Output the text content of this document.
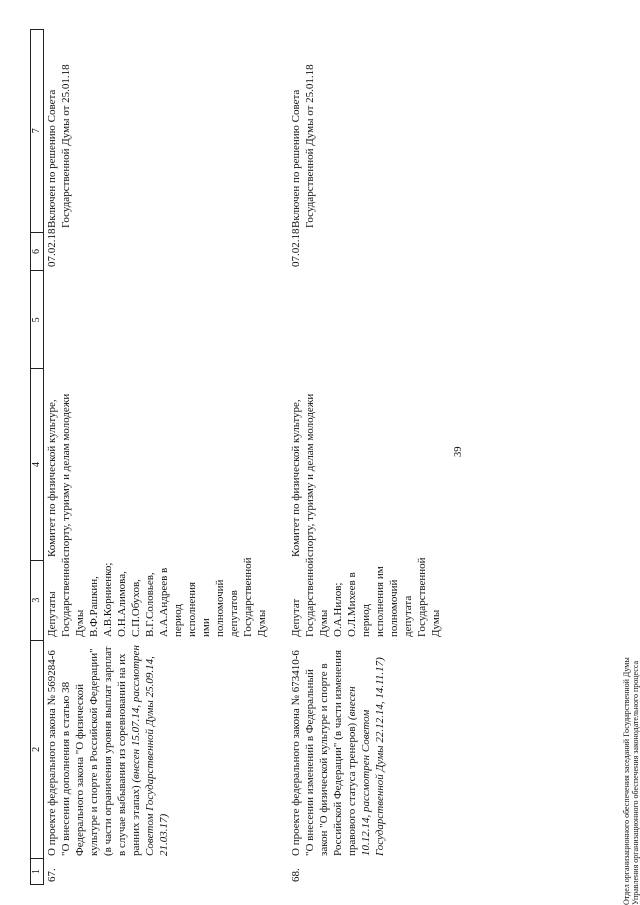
39
1
2
3
4
5
6
7
67.
О проекте федерального закона № 569284-6 "О внесении дополнения в статью 38 Федерального закона "О физической культуре и спорте в Российской Федерации" (в части ограничения уровня выплат зарплат в случае выбывания из соревнований на их ранних этапах) (внесен 15.07.14, рассмотрен Советом Государственной Думы 25.09.14, 21.03.17)
Депутаты Государственной Думы В.Ф.Рашкин, А.В.Корниенко; О.Н.Алимова, С.П.Обухов, В.Г.Соловьев, А.А.Андреев в период исполнения ими полномочий депутатов Государственной Думы
Комитет по физической культуре, спорту, туризму и делам молодежи
07.02.18
Включен по решению Совета Государственной Думы от 25.01.18
68.
О проекте федерального закона № 673410-6 "О внесении изменений в Федеральный закон "О физической культуре и спорте в Российской Федерации" (в части изменения правового статуса тренеров) (внесен 10.12.14, рассмотрен Советом Государственной Думы 22.12.14, 14.11.17)
Депутат Государственной Думы О.А.Нилов; О.Л.Михеев в период исполнения им полномочий депутата Государственной Думы
Комитет по физической культуре, спорту, туризму и делам молодежи
07.02.18
Включен по решению Совета Государственной Думы от 25.01.18
Отдел организационного обеспечения заседаний Государственной Думы Управления организационного обеспечения законодательного процесса
